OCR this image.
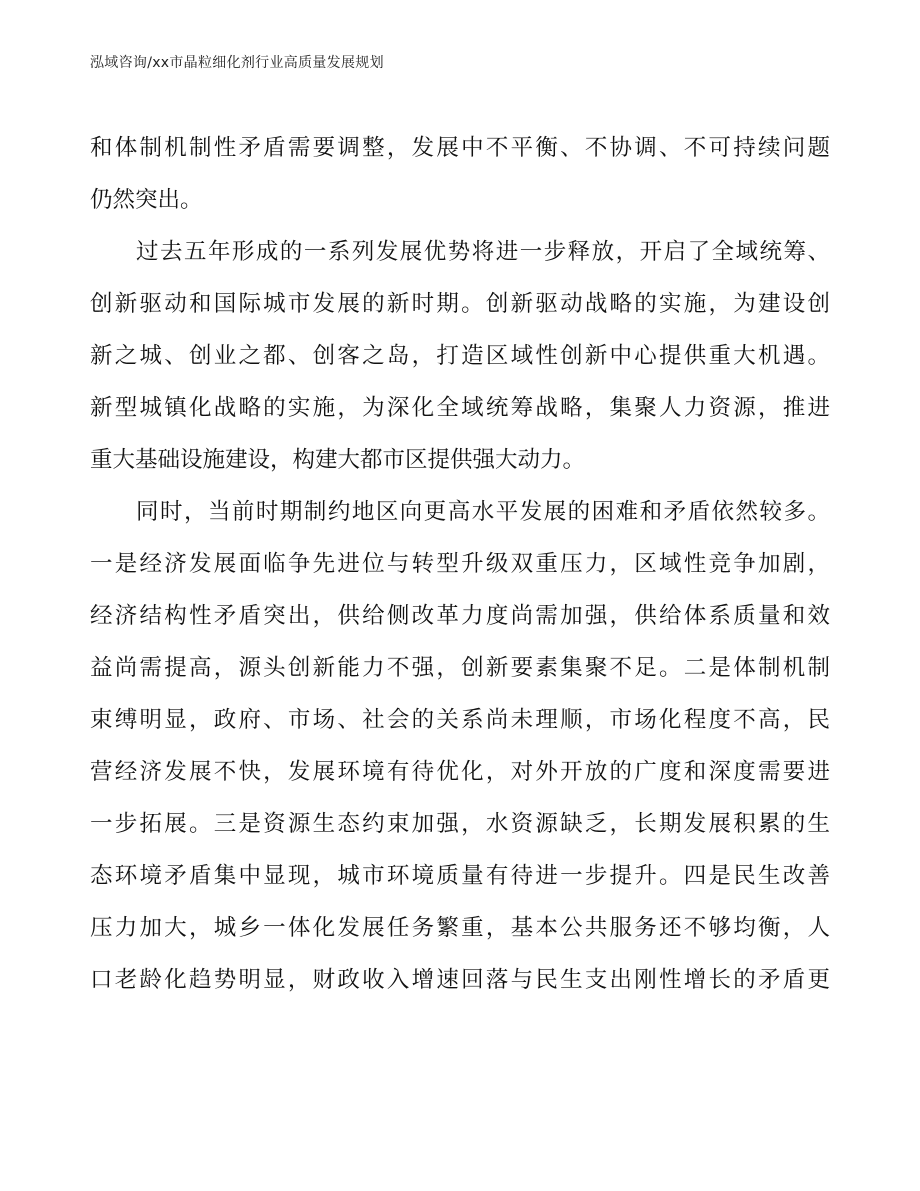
泓域咨询/xx市晶粒细化剂行业高质量发展规划
和体制机制性矛盾需要调整，发展中不平衡、不协调、不可持续问题
仍然突出。
过去五年形成的一系列发展优势将进一步释放，开启了全域统筹、
创新驱动和国际城市发展的新时期。创新驱动战略的实施，为建设创
新之城、创业之都、创客之岛，打造区域性创新中心提供重大机遇。
新型城镇化战略的实施，为深化全域统筹战略，集聚人力资源，推进
重大基础设施建设，构建大都市区提供强大动力。
同时，当前时期制约地区向更高水平发展的困难和矛盾依然较多。
一是经济发展面临争先进位与转型升级双重压力，区域性竞争加剧，
经济结构性矛盾突出，供给侧改革力度尚需加强，供给体系质量和效
益尚需提高，源头创新能力不强，创新要素集聚不足。二是体制机制
束缚明显，政府、市场、社会的关系尚未理顺，市场化程度不高，民
营经济发展不快，发展环境有待优化，对外开放的广度和深度需要进
一步拓展。三是资源生态约束加强，水资源缺乏，长期发展积累的生
态环境矛盾集中显现，城市环境质量有待进一步提升。四是民生改善
压力加大，城乡一体化发展任务繁重，基本公共服务还不够均衡，人
口老龄化趋势明显，财政收入增速回落与民生支出刚性增长的矛盾更
